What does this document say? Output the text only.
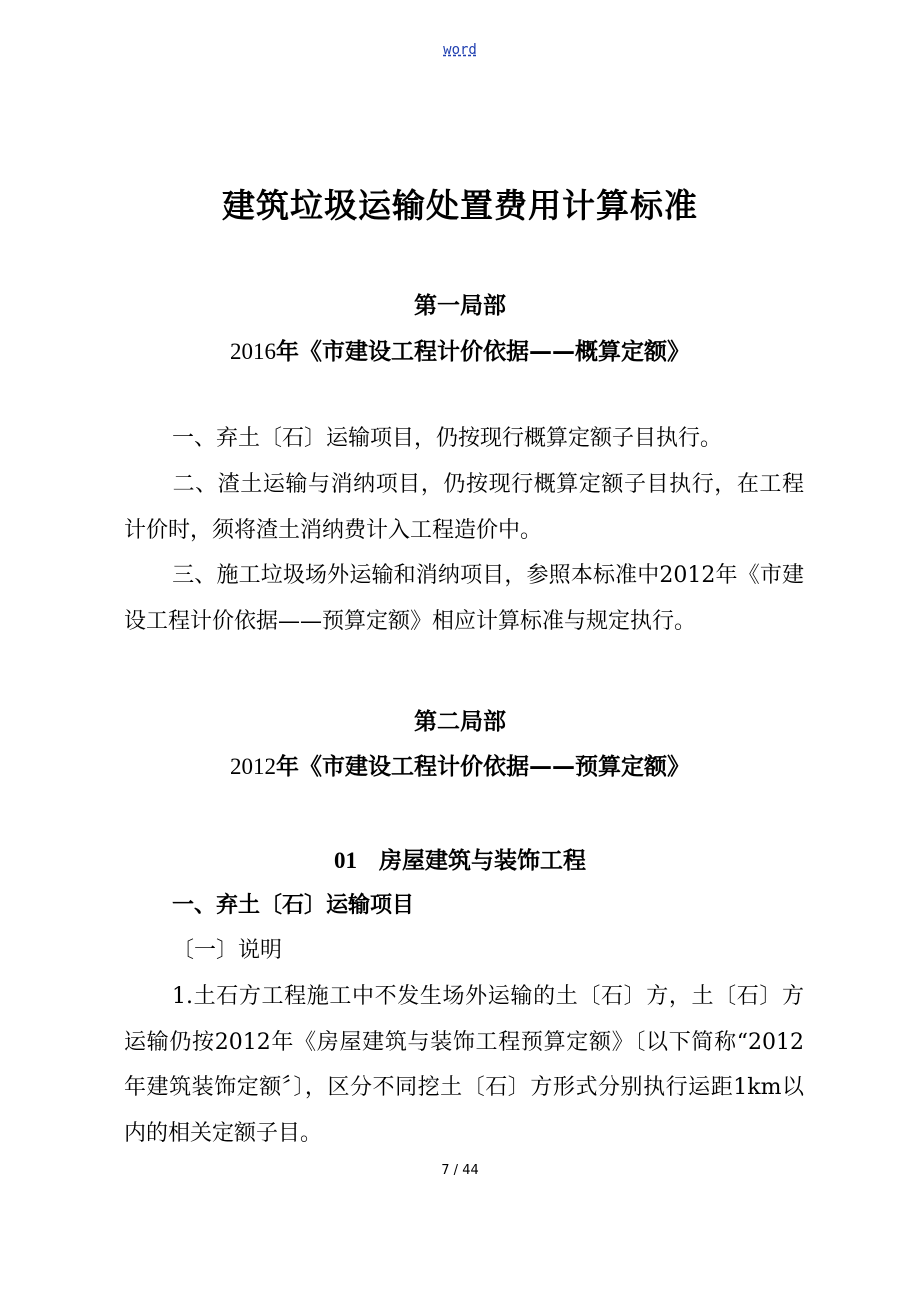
word
建筑垃圾运输处置费用计算标准
第一局部
2016年《市建设工程计价依据——概算定额》
一、弃土〔石〕运输项目，仍按现行概算定额子目执行。
二、渣土运输与消纳项目，仍按现行概算定额子目执行，在工程计价时，须将渣土消纳费计入工程造价中。
三、施工垃圾场外运输和消纳项目，参照本标准中2012年《市建设工程计价依据——预算定额》相应计算标准与规定执行。
第二局部
2012年《市建设工程计价依据——预算定额》
01 房屋建筑与装饰工程
一、弃土〔石〕运输项目
〔一〕说明
1.土石方工程施工中不发生场外运输的土〔石〕方，土〔石〕方运输仍按2012年《房屋建筑与装饰工程预算定额》〔以下简称“2012年建筑装饰定额〞〕，区分不同挖土〔石〕方形式分别执行运距1km以内的相关定额子目。
7 / 44
